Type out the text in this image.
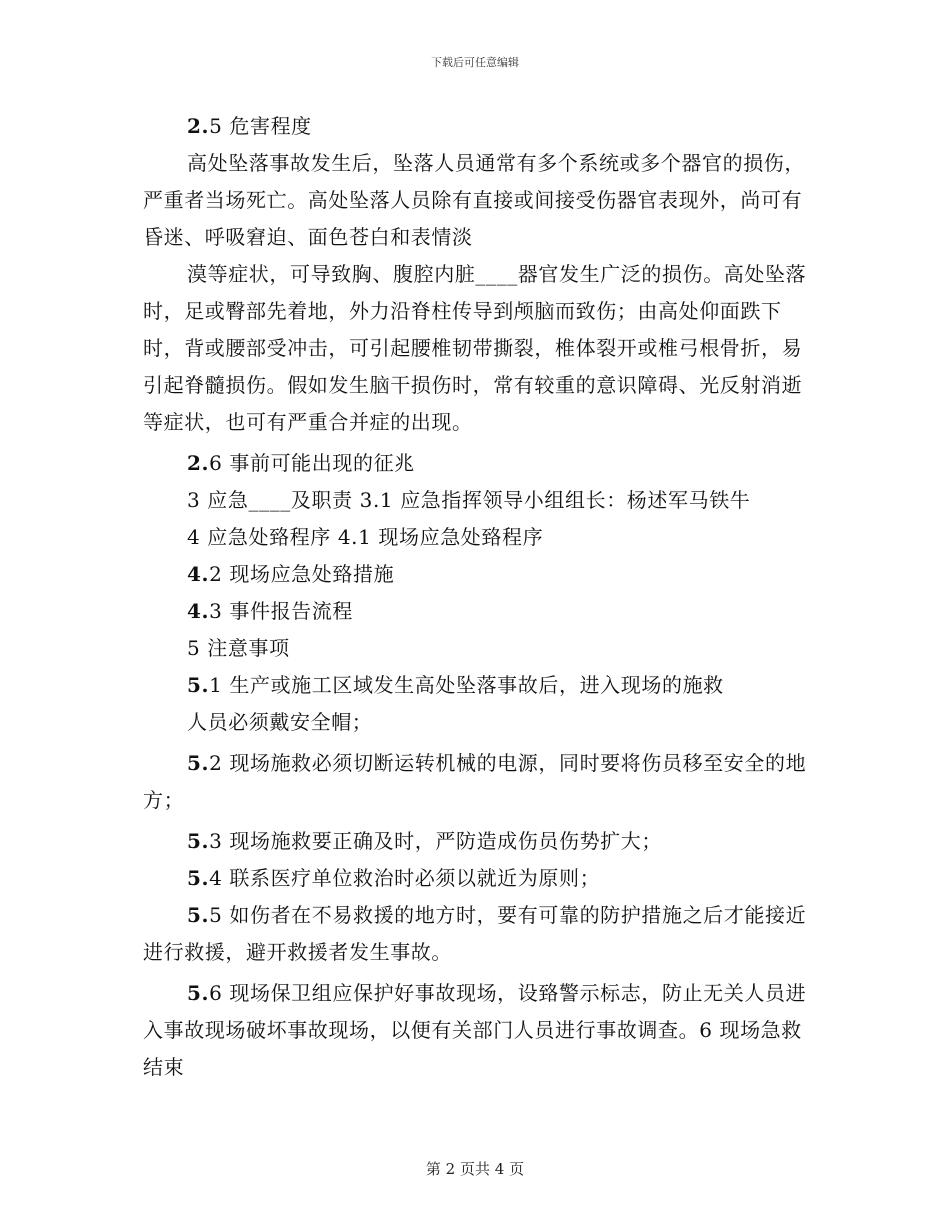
下载后可任意编辑

2.5 危害程度

高处坠落事故发生后，坠落人员通常有多个系统或多个器官的损伤，严重者当场死亡。高处坠落人员除有直接或间接受伤器官表现外，尚可有昏迷、呼吸窘迫、面色苍白和表情淡

漠等症状，可导致胸、腹腔内脏____器官发生广泛的损伤。高处坠落时，足或臀部先着地，外力沿脊柱传导到颅脑而致伤；由高处仰面跌下时，背或腰部受冲击，可引起腰椎韧带撕裂，椎体裂开或椎弓根骨折，易引起脊髓损伤。假如发生脑干损伤时，常有较重的意识障碍、光反射消逝等症状，也可有严重合并症的出现。

2.6 事前可能出现的征兆

3 应急____及职责 3.1 应急指挥领导小组组长：杨述军马铁牛

4 应急处臵程序 4.1 现场应急处臵程序

4.2 现场应急处臵措施

4.3 事件报告流程

5 注意事项

5.1 生产或施工区域发生高处坠落事故后，进入现场的施救

人员必须戴安全帽；

5.2 现场施救必须切断运转机械的电源，同时要将伤员移至安全的地方；

5.3 现场施救要正确及时，严防造成伤员伤势扩大；

5.4 联系医疗单位救治时必须以就近为原则；

5.5 如伤者在不易救援的地方时，要有可靠的防护措施之后才能接近进行救援，避开救援者发生事故。

5.6 现场保卫组应保护好事故现场，设臵警示标志，防止无关人员进入事故现场破坏事故现场，以便有关部门人员进行事故调查。6 现场急救结束

第 2 页共 4 页
